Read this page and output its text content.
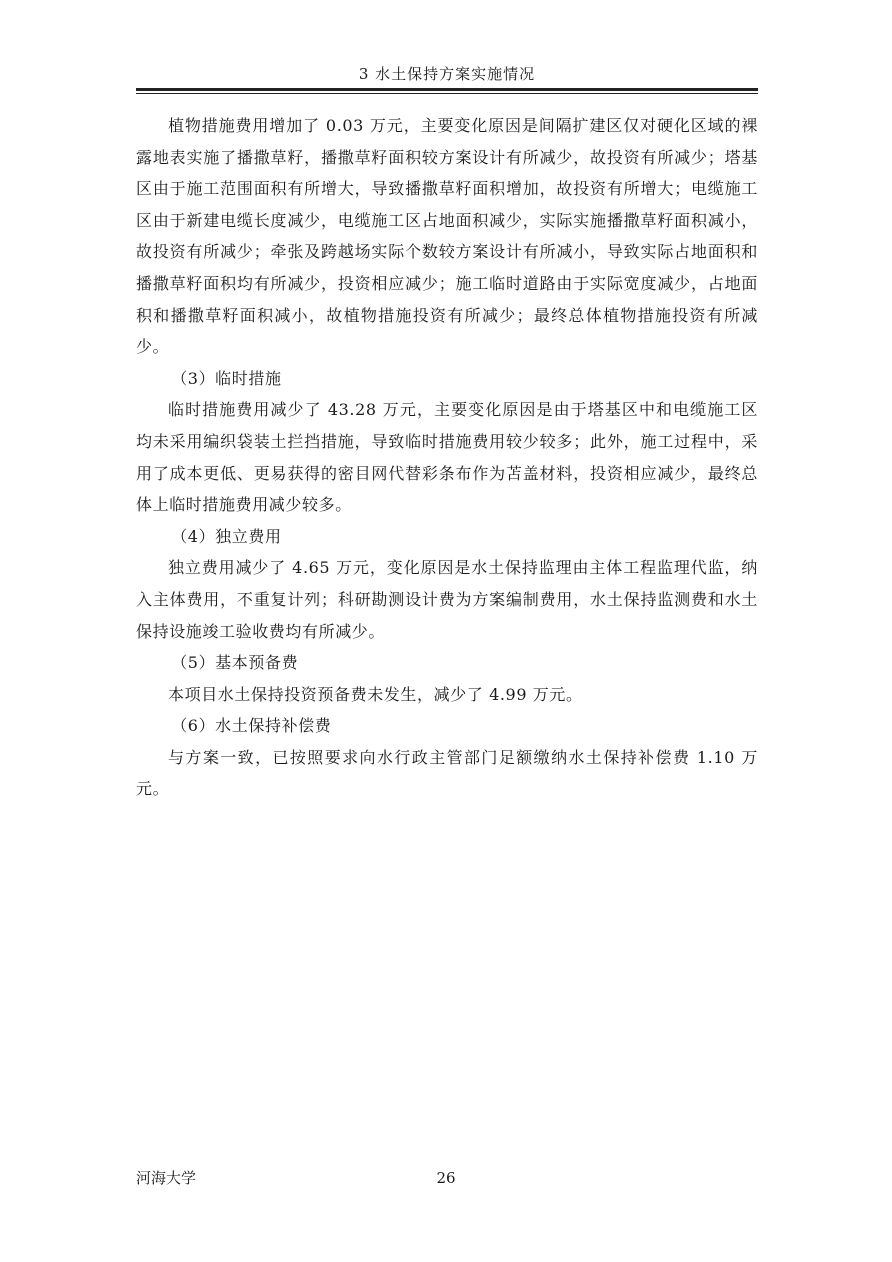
3 水土保持方案实施情况

植物措施费用增加了 0.03 万元，主要变化原因是间隔扩建区仅对硬化区域的裸露地表实施了播撒草籽，播撒草籽面积较方案设计有所减少，故投资有所减少；塔基区由于施工范围面积有所增大，导致播撒草籽面积增加，故投资有所增大；电缆施工区由于新建电缆长度减少，电缆施工区占地面积减少，实际实施播撒草籽面积减小，故投资有所减少；牵张及跨越场实际个数较方案设计有所减小，导致实际占地面积和播撒草籽面积均有所减少，投资相应减少；施工临时道路由于实际宽度减少，占地面积和播撒草籽面积减小，故植物措施投资有所减少；最终总体植物措施投资有所减少。

（3）临时措施

临时措施费用减少了 43.28 万元，主要变化原因是由于塔基区中和电缆施工区均未采用编织袋装土拦挡措施，导致临时措施费用较少较多；此外，施工过程中，采用了成本更低、更易获得的密目网代替彩条布作为苫盖材料，投资相应减少，最终总体上临时措施费用减少较多。

（4）独立费用

独立费用减少了 4.65 万元，变化原因是水土保持监理由主体工程监理代监，纳入主体费用，不重复计列；科研勘测设计费为方案编制费用，水土保持监测费和水土保持设施竣工验收费均有所减少。

（5）基本预备费

本项目水土保持投资预备费未发生，减少了 4.99 万元。

（6）水土保持补偿费

与方案一致，已按照要求向水行政主管部门足额缴纳水土保持补偿费 1.10 万元。

河海大学	26
